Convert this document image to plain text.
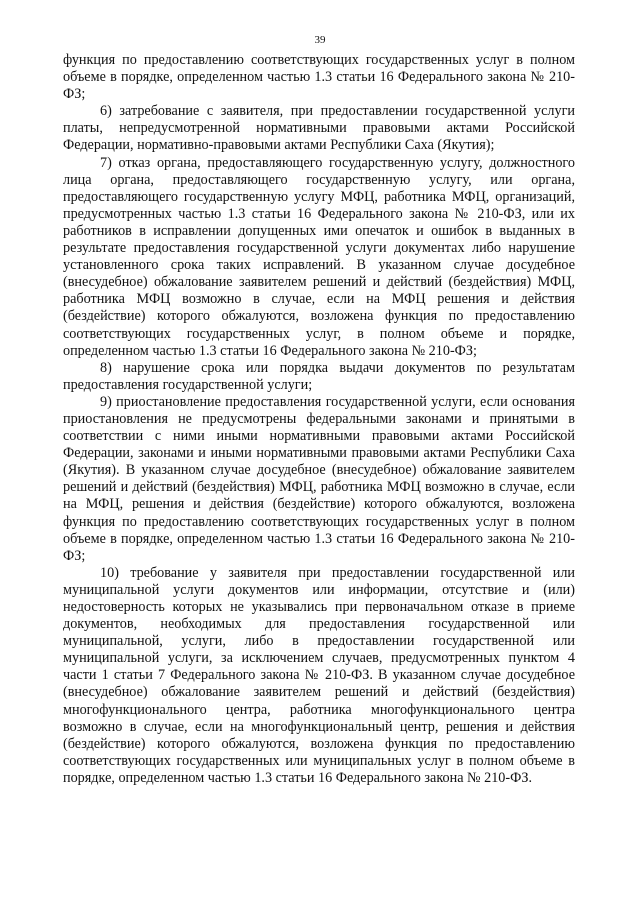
39

функция по предоставлению соответствующих государственных услуг в полном объеме в порядке, определенном частью 1.3 статьи 16 Федерального закона № 210-ФЗ;

6) затребование с заявителя, при предоставлении государственной услуги платы, непредусмотренной нормативными правовыми актами Российской Федерации, нормативно-правовыми актами Республики Саха (Якутия);

7) отказ органа, предоставляющего государственную услугу, должностного лица органа, предоставляющего государственную услугу, или органа, предоставляющего государственную услугу МФЦ, работника МФЦ, организаций, предусмотренных частью 1.3 статьи 16 Федерального закона № 210-ФЗ, или их работников в исправлении допущенных ими опечаток и ошибок в выданных в результате предоставления государственной услуги документах либо нарушение установленного срока таких исправлений. В указанном случае досудебное (внесудебное) обжалование заявителем решений и действий (бездействия) МФЦ, работника МФЦ возможно в случае, если на МФЦ решения и действия (бездействие) которого обжалуются, возложена функция по предоставлению соответствующих государственных услуг, в полном объеме и порядке, определенном частью 1.3 статьи 16 Федерального закона № 210-ФЗ;

8) нарушение срока или порядка выдачи документов по результатам предоставления государственной услуги;

9) приостановление предоставления государственной услуги, если основания приостановления не предусмотрены федеральными законами и принятыми в соответствии с ними иными нормативными правовыми актами Российской Федерации, законами и иными нормативными правовыми актами Республики Саха (Якутия). В указанном случае досудебное (внесудебное) обжалование заявителем решений и действий (бездействия) МФЦ, работника МФЦ возможно в случае, если на МФЦ, решения и действия (бездействие) которого обжалуются, возложена функция по предоставлению соответствующих государственных услуг в полном объеме в порядке, определенном частью 1.3 статьи 16 Федерального закона № 210-ФЗ;

10) требование у заявителя при предоставлении государственной или муниципальной услуги документов или информации, отсутствие и (или) недостоверность которых не указывались при первоначальном отказе в приеме документов, необходимых для предоставления государственной или муниципальной, услуги, либо в предоставлении государственной или муниципальной услуги, за исключением случаев, предусмотренных пунктом 4 части 1 статьи 7 Федерального закона № 210-ФЗ. В указанном случае досудебное (внесудебное) обжалование заявителем решений и действий (бездействия) многофункционального центра, работника многофункционального центра возможно в случае, если на многофункциональный центр, решения и действия (бездействие) которого обжалуются, возложена функция по предоставлению соответствующих государственных или муниципальных услуг в полном объеме в порядке, определенном частью 1.3 статьи 16 Федерального закона № 210-ФЗ.
